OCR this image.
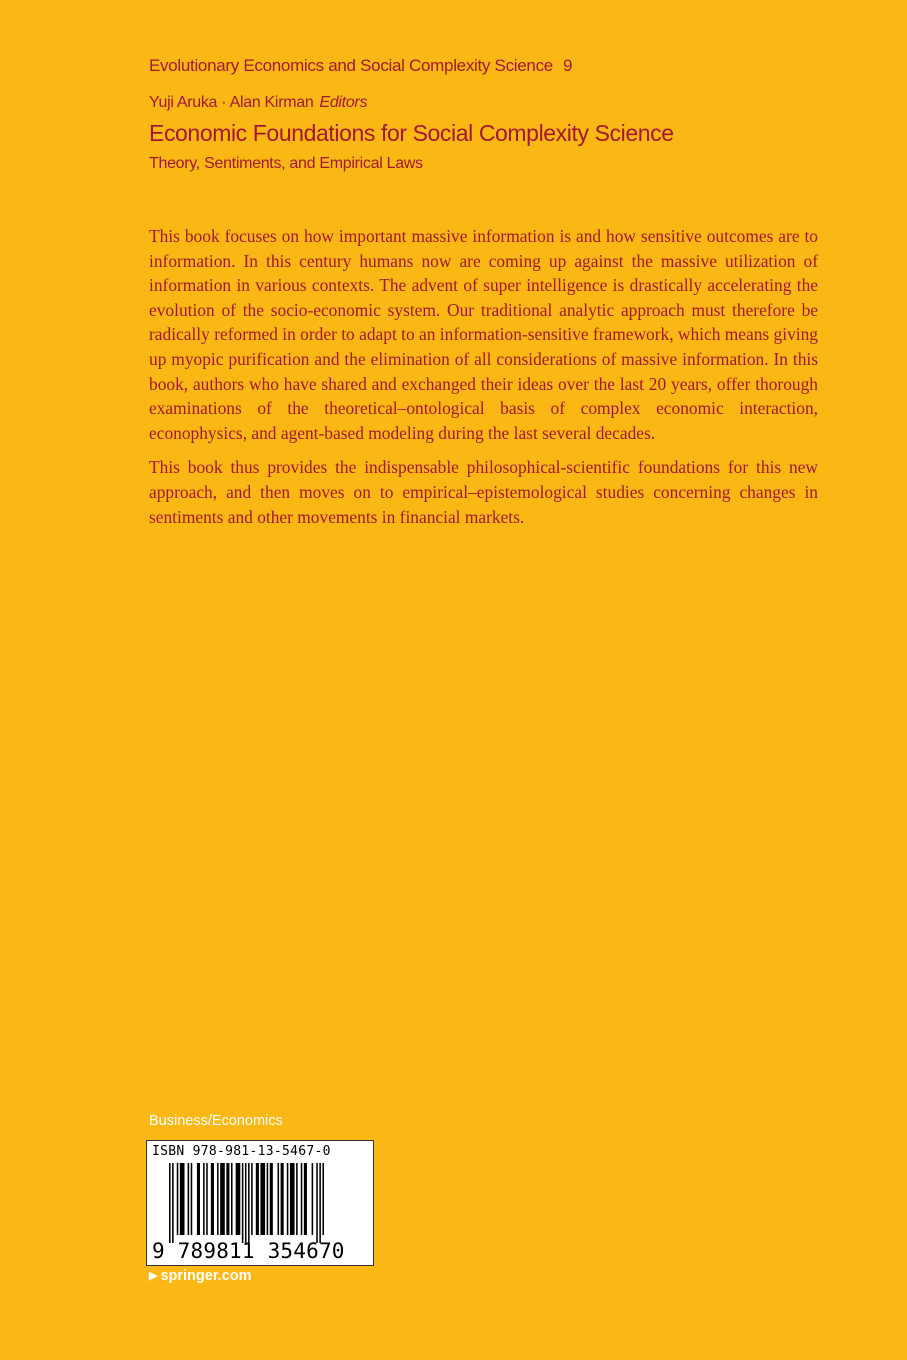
Evolutionary Economics and Social Complexity Science 9
Yuji Aruka · Alan Kirman Editors
Economic Foundations for Social Complexity Science
Theory, Sentiments, and Empirical Laws

This book focuses on how important massive information is and how sensitive outcomes are to information. In this century humans now are coming up against the massive utilization of information in various contexts. The advent of super intelligence is drastically accelerating the evolution of the socio-economic system. Our traditional analytic approach must therefore be radically reformed in order to adapt to an information-sensitive framework, which means giving up myopic purification and the elimination of all considerations of massive information. In this book, authors who have shared and exchanged their ideas over the last 20 years, offer thorough examinations of the theoretical–ontological basis of complex economic interaction, econophysics, and agent-based modeling during the last several decades.

This book thus provides the indispensable philosophical-scientific foundations for this new approach, and then moves on to empirical–epistemological studies concerning changes in sentiments and other movements in financial markets.

Business/Economics
ISBN 978-981-13-5467-0
9 789811 354670
▶ springer.com
